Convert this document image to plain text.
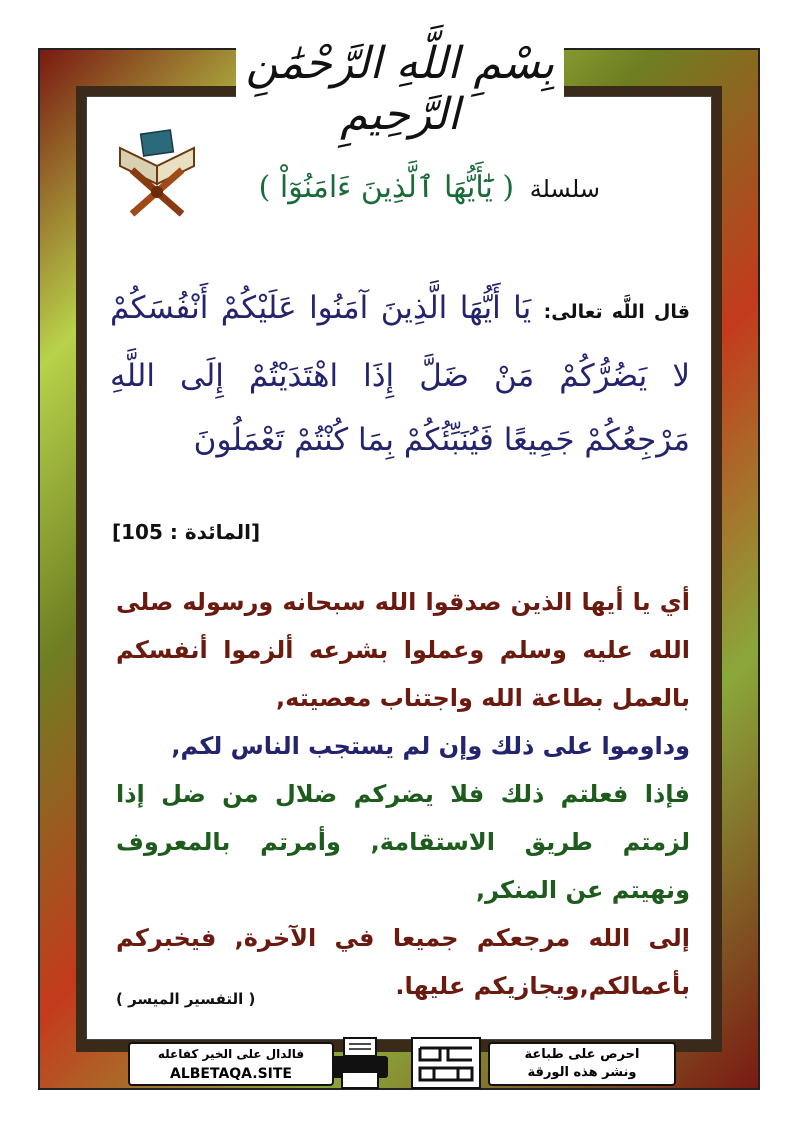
بِسْمِ اللَّهِ الرَّحْمَٰنِ الرَّحِيمِ
سلسلة ( يَٰٓأَيُّهَا ٱلَّذِينَ ءَامَنُوٓاْ )
قال اللَّه تعالى: يَا أَيُّهَا الَّذِينَ آمَنُوا عَلَيْكُمْ أَنْفُسَكُمْ لا يَضُرُّكُمْ مَنْ ضَلَّ إِذَا اهْتَدَيْتُمْ إِلَى اللَّهِ مَرْجِعُكُمْ جَمِيعًا فَيُنَبِّئُكُمْ بِمَا كُنْتُمْ تَعْمَلُونَ
[المائدة : 105]
أي يا أيها الذين صدقوا الله سبحانه ورسوله صلى الله عليه وسلم وعملوا بشرعه ألزموا أنفسكم بالعمل بطاعة الله واجتناب معصيته,
وداوموا على ذلك وإن لم يستجب الناس لكم,
فإذا فعلتم ذلك فلا يضركم ضلال من ضل إذا لزمتم طريق الاستقامة, وأمرتم بالمعروف ونهيتم عن المنكر,
إلى الله مرجعكم جميعا في الآخرة, فيخبركم بأعمالكم,ويجازيكم عليها.
( التفسير الميسر )
فالدال على الخير كفاعله
ALBETAQA.SITE
احرص على طباعة
ونشر هذه الورقة
